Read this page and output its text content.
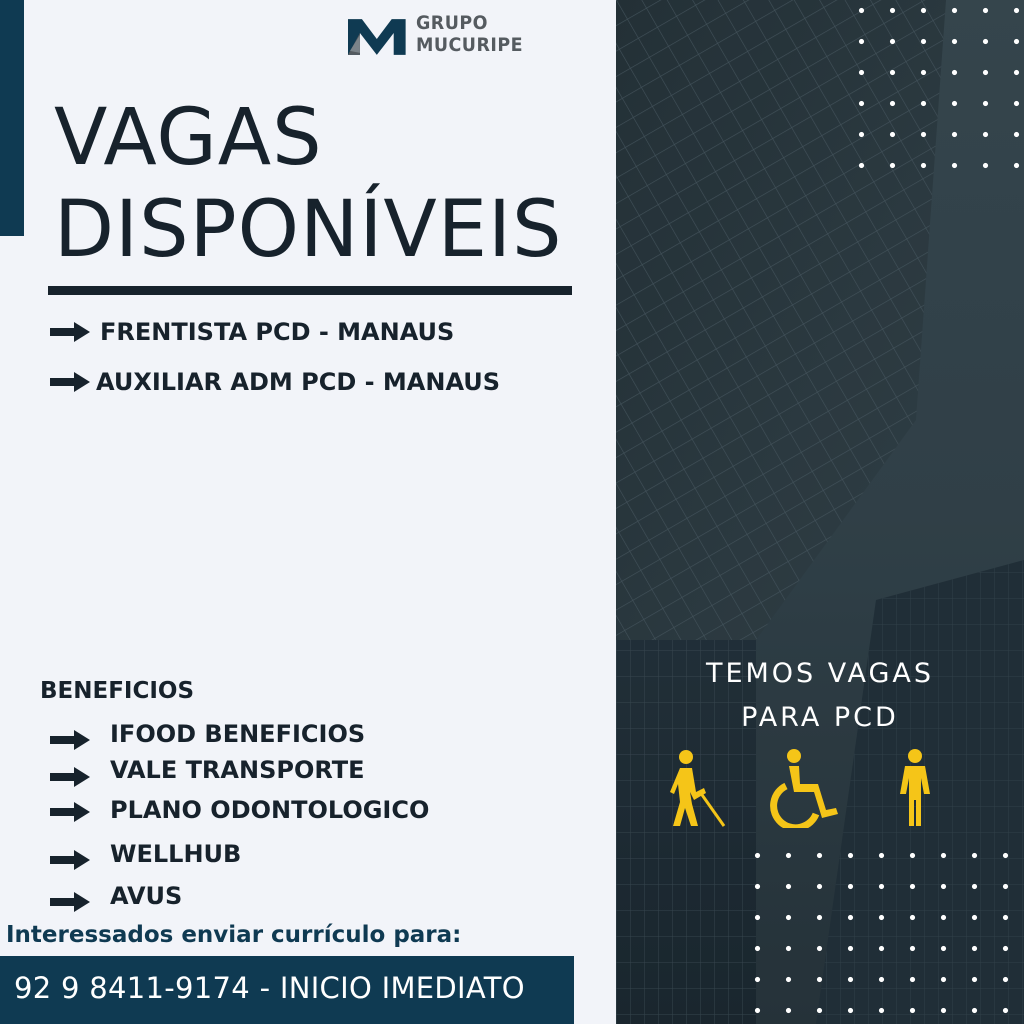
GRUPO MUCURIPE
VAGAS
DISPONÍVEIS
FRENTISTA PCD - MANAUS
AUXILIAR ADM PCD - MANAUS
BENEFICIOS
IFOOD BENEFICIOS
VALE TRANSPORTE
PLANO ODONTOLOGICO
WELLHUB
AVUS
Interessados enviar currículo para:
92 9 8411-9174 - INICIO IMEDIATO
TEMOS VAGAS
PARA PCD
